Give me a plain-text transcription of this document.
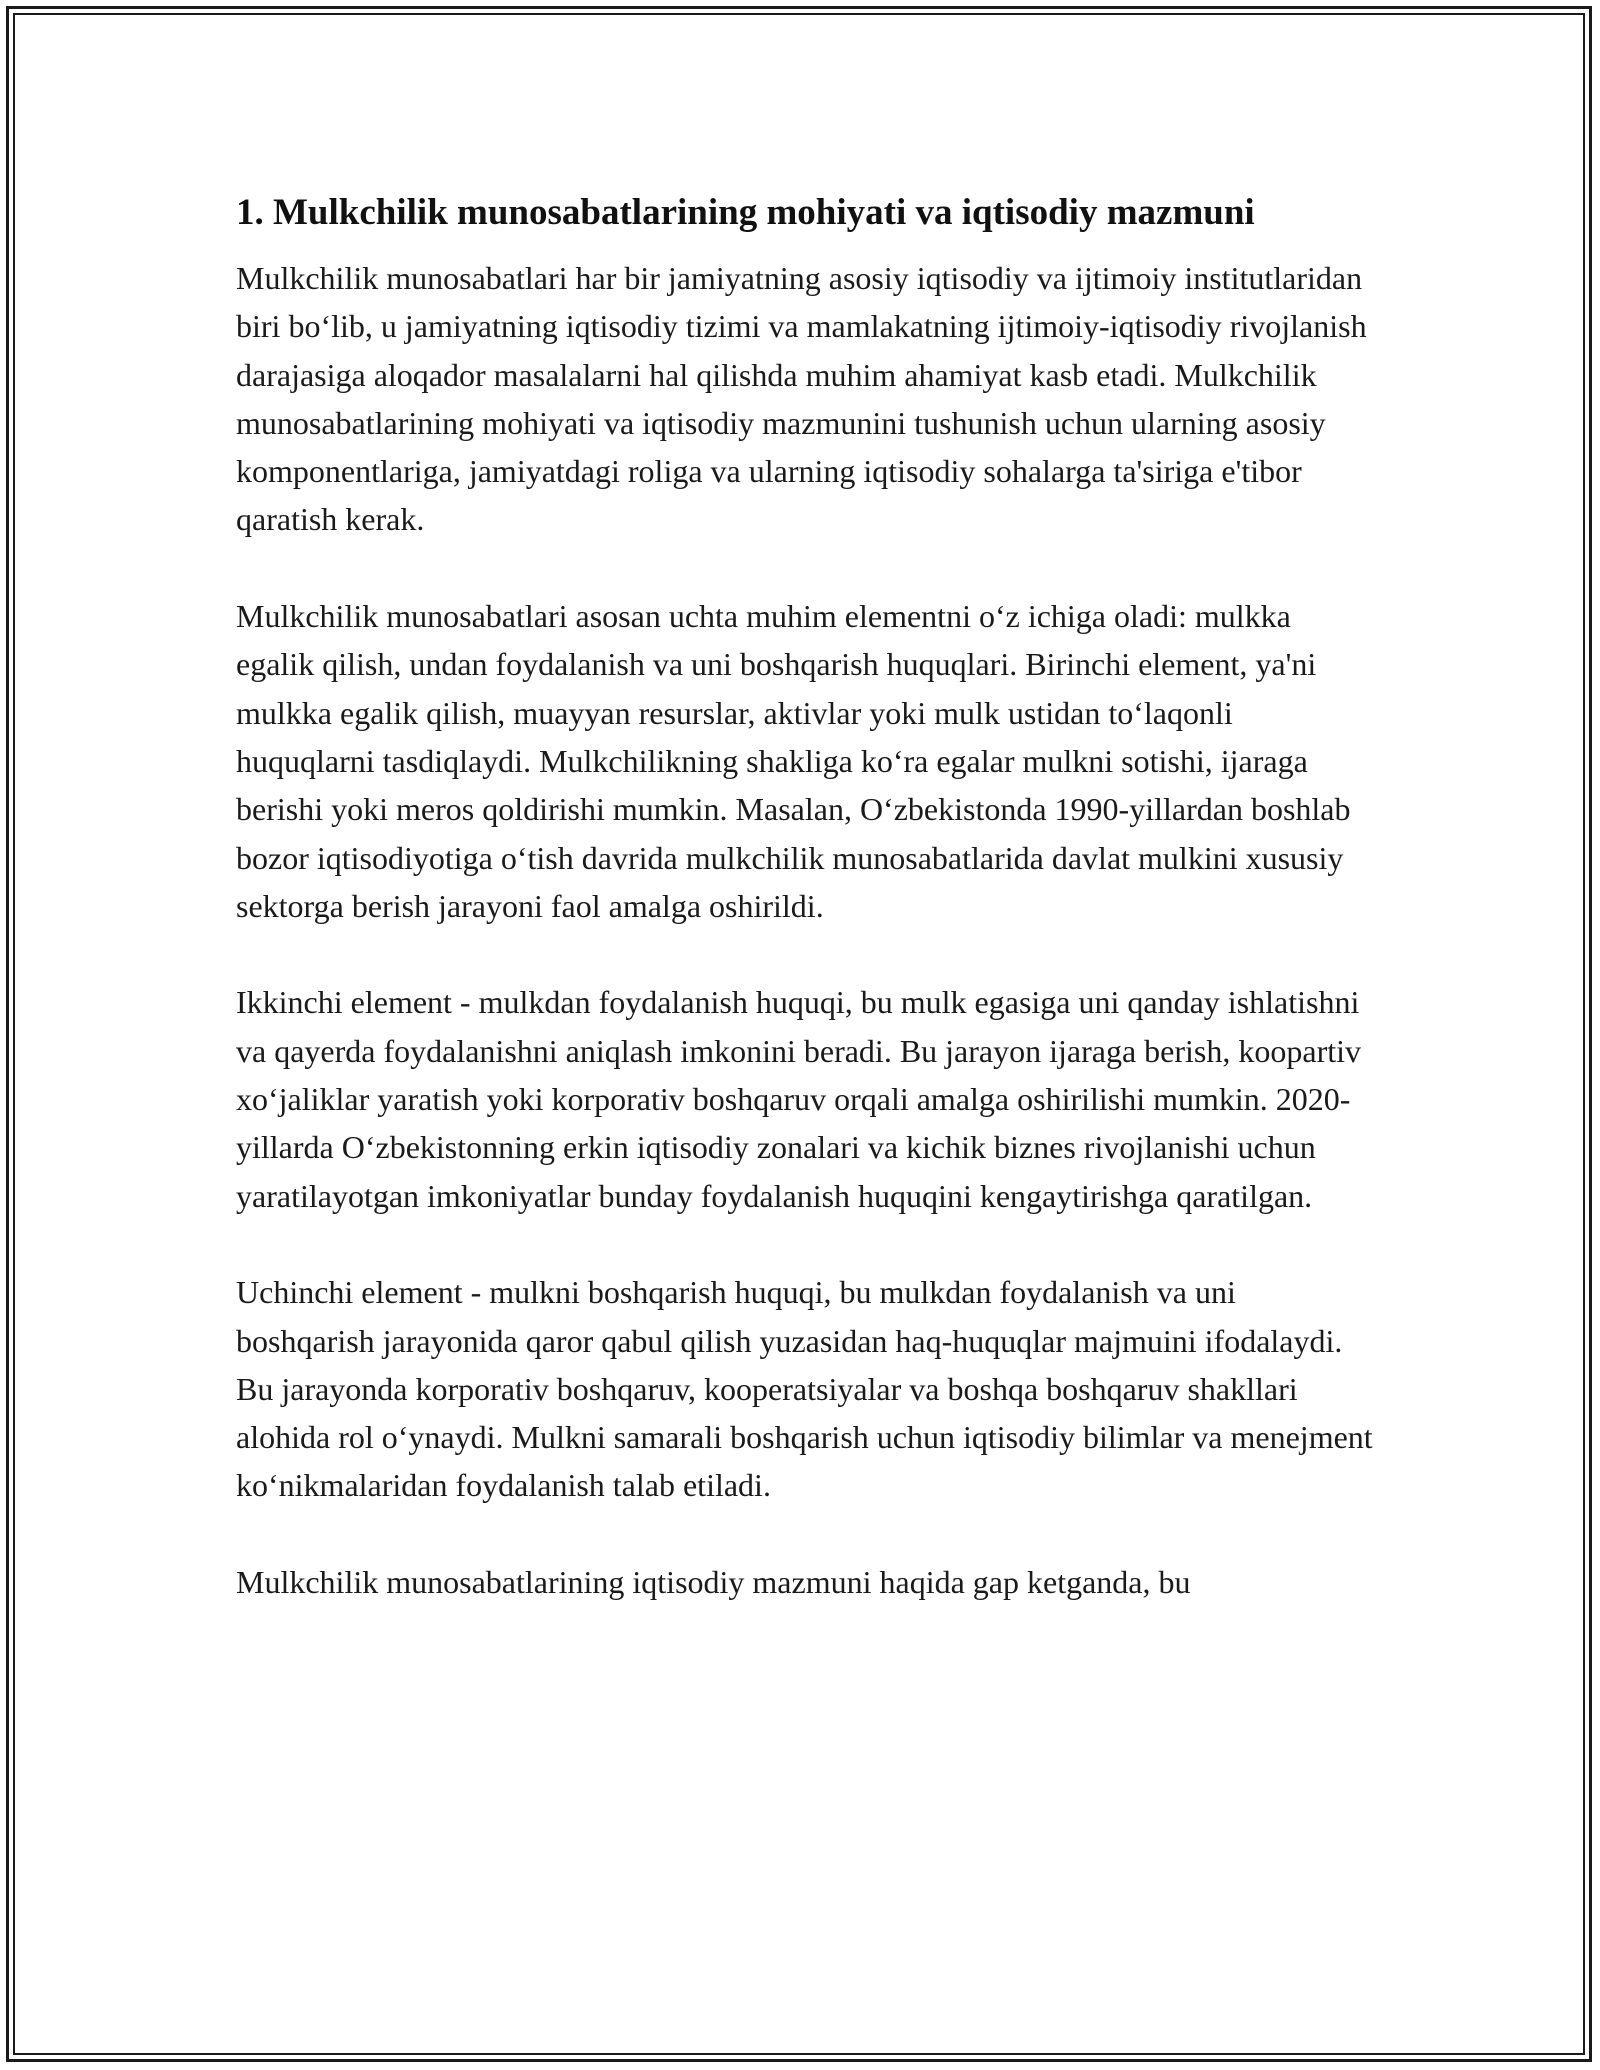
1. Mulkchilik munosabatlarining mohiyati va iqtisodiy mazmuni

Mulkchilik munosabatlari har bir jamiyatning asosiy iqtisodiy va ijtimoiy institutlaridan biri bo‘lib, u jamiyatning iqtisodiy tizimi va mamlakatning ijtimoiy-iqtisodiy rivojlanish darajasiga aloqador masalalarni hal qilishda muhim ahamiyat kasb etadi. Mulkchilik munosabatlarining mohiyati va iqtisodiy mazmunini tushunish uchun ularning asosiy komponentlariga, jamiyatdagi roliga va ularning iqtisodiy sohalarga ta'siriga e'tibor qaratish kerak.

Mulkchilik munosabatlari asosan uchta muhim elementni o‘z ichiga oladi: mulkka egalik qilish, undan foydalanish va uni boshqarish huquqlari. Birinchi element, ya'ni mulkka egalik qilish, muayyan resurslar, aktivlar yoki mulk ustidan to‘laqonli huquqlarni tasdiqlaydi. Mulkchilikning shakliga ko‘ra egalar mulkni sotishi, ijaraga berishi yoki meros qoldirishi mumkin. Masalan, O‘zbekistonda 1990-yillardan boshlab bozor iqtisodiyotiga o‘tish davrida mulkchilik munosabatlarida davlat mulkini xususiy sektorga berish jarayoni faol amalga oshirildi.

Ikkinchi element - mulkdan foydalanish huquqi, bu mulk egasiga uni qanday ishlatishni va qayerda foydalanishni aniqlash imkonini beradi. Bu jarayon ijaraga berish, koopartiv xo‘jaliklar yaratish yoki korporativ boshqaruv orqali amalga oshirilishi mumkin. 2020-yillarda O‘zbekistonning erkin iqtisodiy zonalari va kichik biznes rivojlanishi uchun yaratilayotgan imkoniyatlar bunday foydalanish huquqini kengaytirishga qaratilgan.

Uchinchi element - mulkni boshqarish huquqi, bu mulkdan foydalanish va uni boshqarish jarayonida qaror qabul qilish yuzasidan haq-huquqlar majmuini ifodalaydi. Bu jarayonda korporativ boshqaruv, kooperatsiyalar va boshqa boshqaruv shakllari alohida rol o‘ynaydi. Mulkni samarali boshqarish uchun iqtisodiy bilimlar va menejment ko‘nikmalaridan foydalanish talab etiladi.

Mulkchilik munosabatlarining iqtisodiy mazmuni haqida gap ketganda, bu
